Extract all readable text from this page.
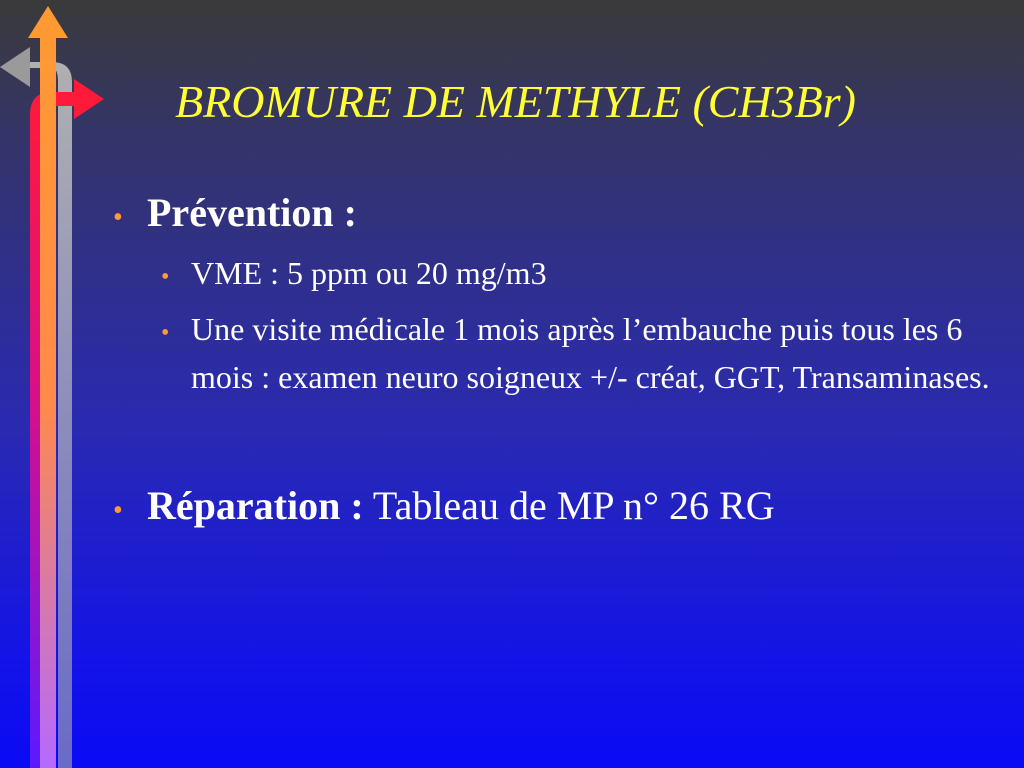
BROMURE DE METHYLE (CH3Br)
• Prévention :
• VME : 5 ppm ou 20 mg/m3
• Une visite médicale 1 mois après l’embauche puis tous les 6 mois : examen neuro soigneux +/- créat, GGT, Transaminases.
• Réparation : Tableau de MP n° 26 RG
